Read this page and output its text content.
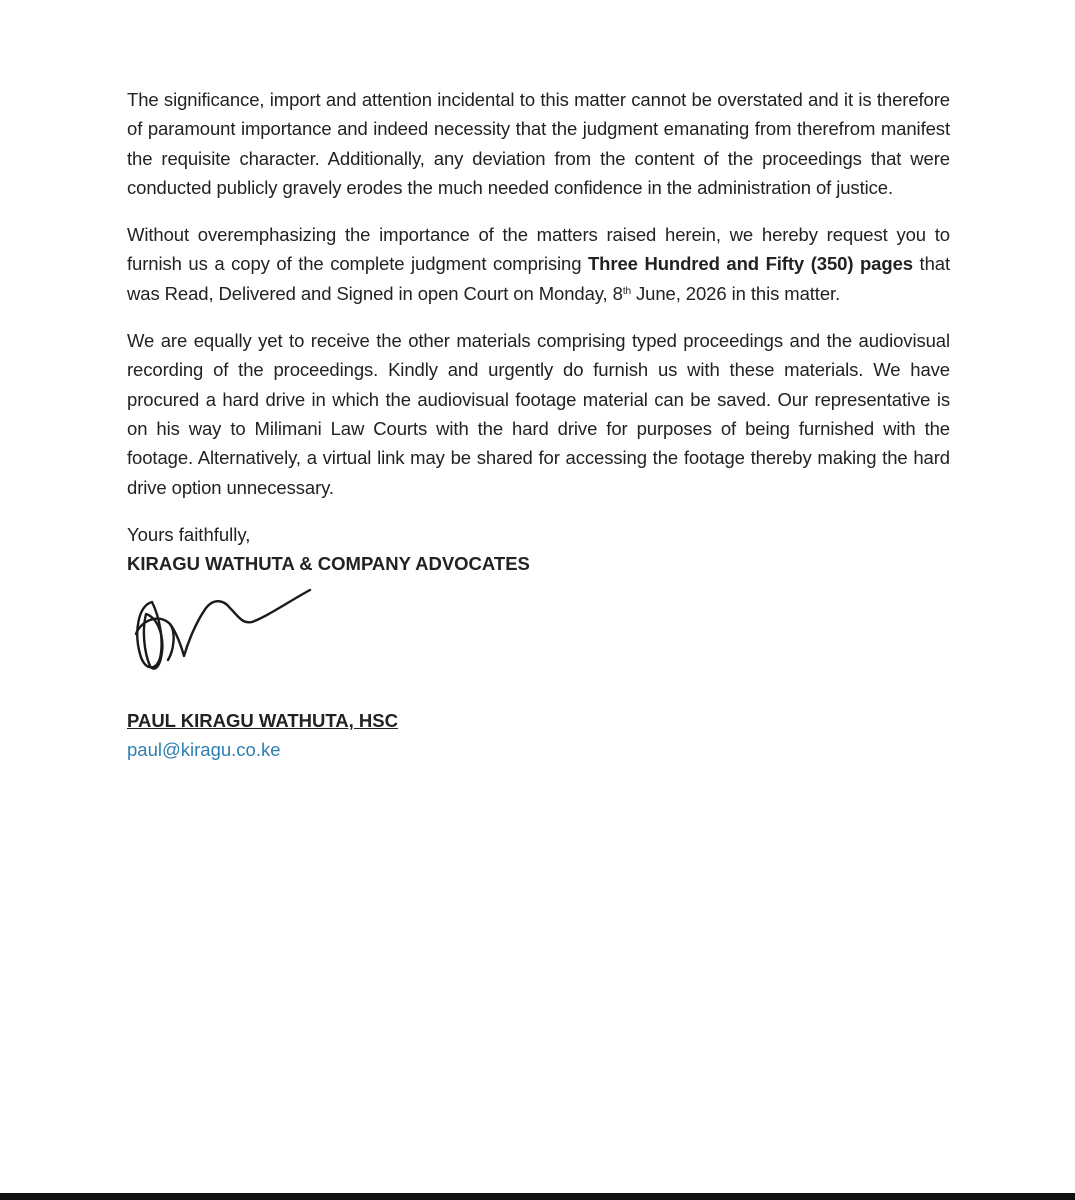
The significance, import and attention incidental to this matter cannot be overstated and it is therefore of paramount importance and indeed necessity that the judgment emanating from therefrom manifest the requisite character. Additionally, any deviation from the content of the proceedings that were conducted publicly gravely erodes the much needed confidence in the administration of justice.

Without overemphasizing the importance of the matters raised herein, we hereby request you to furnish us a copy of the complete judgment comprising Three Hundred and Fifty (350) pages that was Read, Delivered and Signed in open Court on Monday, 8th June, 2026 in this matter.

We are equally yet to receive the other materials comprising typed proceedings and the audiovisual recording of the proceedings. Kindly and urgently do furnish us with these materials. We have procured a hard drive in which the audiovisual footage material can be saved. Our representative is on his way to Milimani Law Courts with the hard drive for purposes of being furnished with the footage. Alternatively, a virtual link may be shared for accessing the footage thereby making the hard drive option unnecessary.

Yours faithfully,
KIRAGU WATHUTA & COMPANY ADVOCATES
PAUL KIRAGU WATHUTA, HSC
paul@kiragu.co.ke
